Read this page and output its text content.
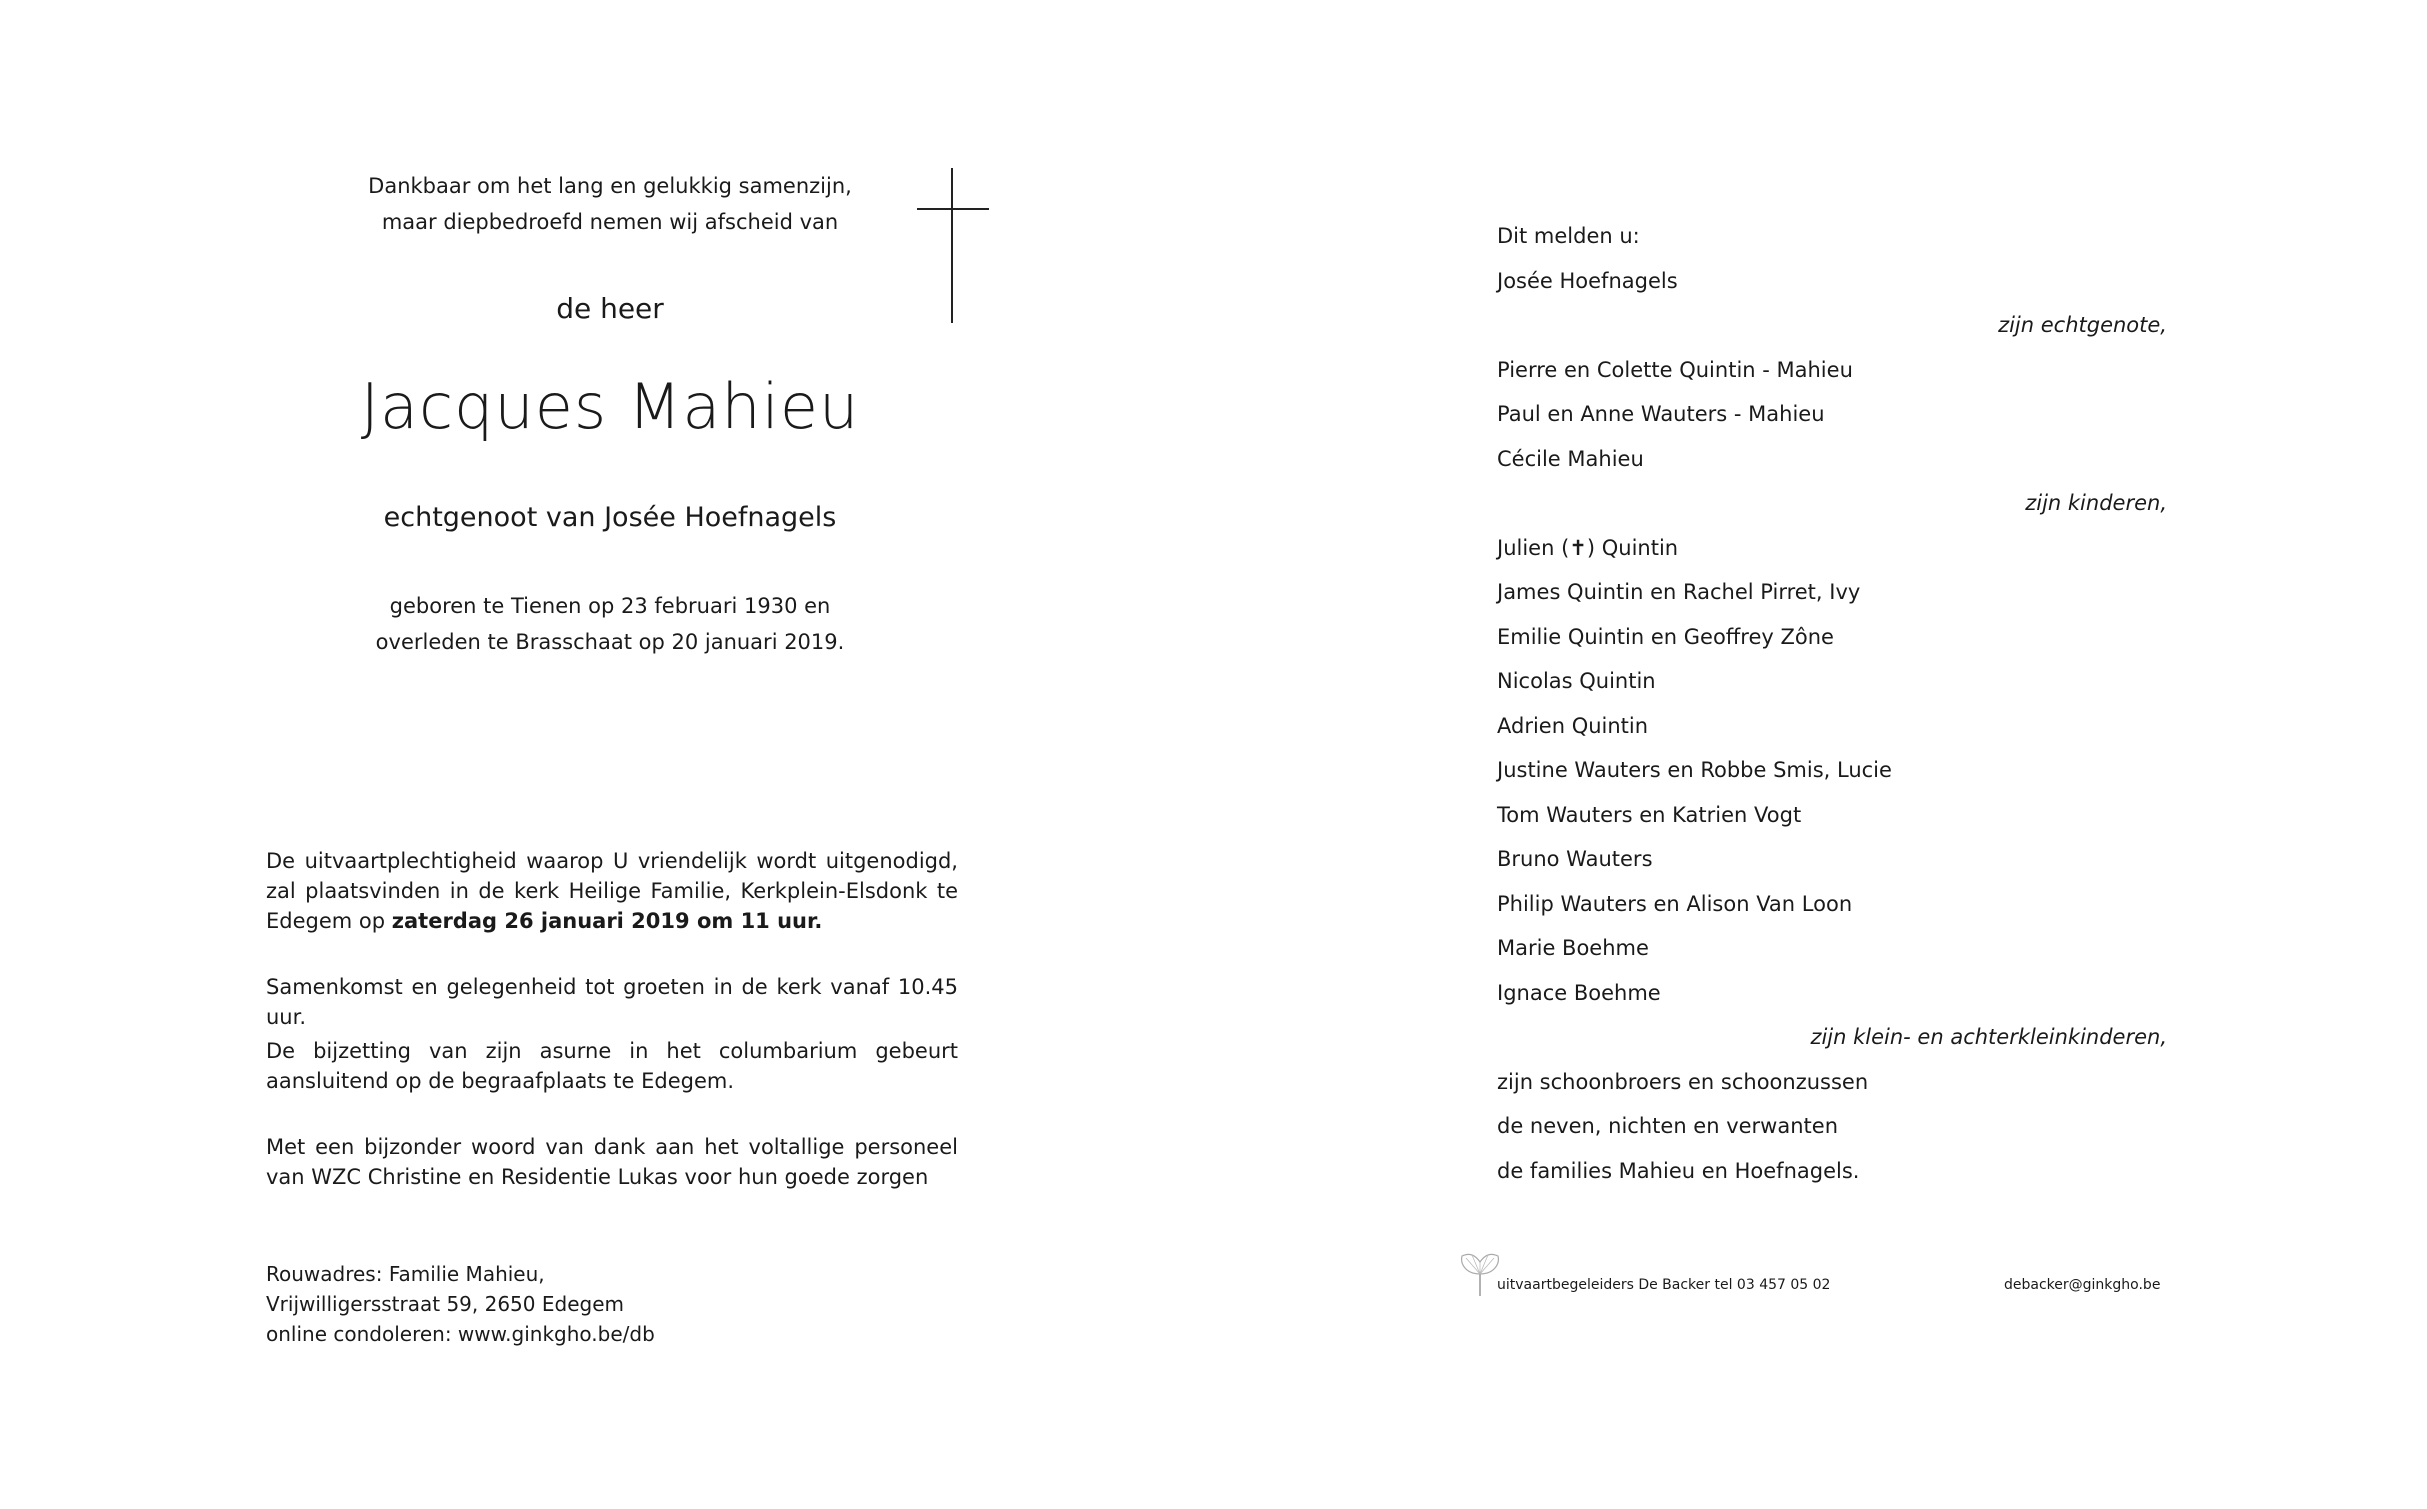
Dankbaar om het lang en gelukkig samenzijn,
maar diepbedroefd nemen wij afscheid van
de heer
Jacques Mahieu
echtgenoot van Josée Hoefnagels
geboren te Tienen op 23 februari 1930 en
overleden te Brasschaat op 20 januari 2019.
De uitvaartplechtigheid waarop U vriendelijk wordt uitgenodigd, zal plaatsvinden in de kerk Heilige Familie, Kerkplein-Elsdonk te Edegem op zaterdag 26 januari 2019 om 11 uur.
Samenkomst en gelegenheid tot groeten in de kerk vanaf 10.45 uur.
De bijzetting van zijn asurne in het columbarium gebeurt aansluitend op de begraafplaats te Edegem.
Met een bijzonder woord van dank aan het voltallige personeel van WZC Christine en Residentie Lukas voor hun goede zorgen
Rouwadres: Familie Mahieu,
Vrijwilligersstraat 59, 2650 Edegem
online condoleren: www.ginkgho.be/db
Dit melden u:
Josée Hoefnagels
zijn echtgenote,
Pierre en Colette Quintin - Mahieu
Paul en Anne Wauters - Mahieu
Cécile Mahieu
zijn kinderen,
Julien (✝) Quintin
James Quintin en Rachel Pirret, Ivy
Emilie Quintin en Geoffrey Zône
Nicolas Quintin
Adrien Quintin
Justine Wauters en Robbe Smis, Lucie
Tom Wauters en Katrien Vogt
Bruno Wauters
Philip Wauters en Alison Van Loon
Marie Boehme
Ignace Boehme
zijn klein- en achterkleinkinderen,
zijn schoonbroers en schoonzussen
de neven, nichten en verwanten
de families Mahieu en Hoefnagels.
uitvaartbegeleiders De Backer tel 03 457 05 02	debacker@ginkgho.be
